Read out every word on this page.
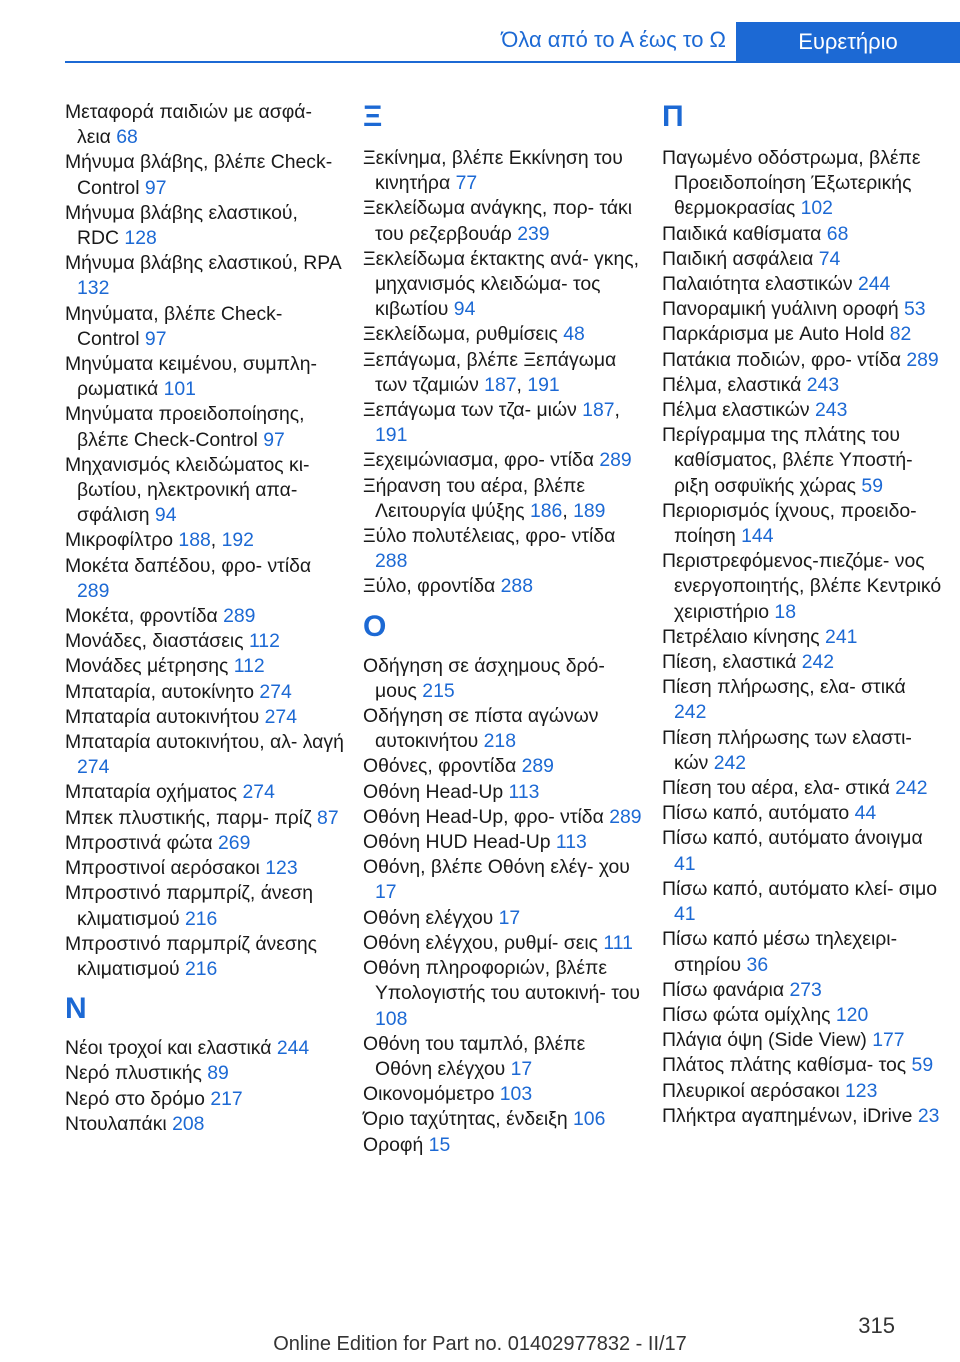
Όλα από το Α έως το Ω	Ευρετήριο
Μεταφορά παιδιών με ασφά‐ λεια 68
Μήνυμα βλάβης, βλέπε Check-Control 97
Μήνυμα βλάβης ελαστικού, RDC 128
Μήνυμα βλάβης ελαστικού, RPA 132
Μηνύματα, βλέπε Check- Control 97
Μηνύματα κειμένου, συμπλη‐ ρωματικά 101
Μηνύματα προειδοποίησης, βλέπε Check-Control 97
Μηχανισμός κλειδώματος κι‐ βωτίου, ηλεκτρονική απα‐ σφάλιση 94
Μικροφίλτρο 188, 192
Μοκέτα δαπέδου, φρο‐ ντίδα 289
Μοκέτα, φροντίδα 289
Μονάδες, διαστάσεις 112
Μονάδες μέτρησης 112
Μπαταρία, αυτοκίνητο 274
Μπαταρία αυτοκινήτου 274
Μπαταρία αυτοκινήτου, αλ‐ λαγή 274
Μπαταρία οχήματος 274
Μπεκ πλυστικής, παρμ‐ πρίζ 87
Μπροστινά φώτα 269
Μπροστινοί αερόσακοι 123
Μπροστινό παρμπρίζ, άνεση κλιματισμού 216
Μπροστινό παρμπρίζ άνεσης κλιματισμού 216
Ν
Νέοι τροχοί και ελαστικά 244
Νερό πλυστικής 89
Νερό στο δρόμο 217
Ντουλαπάκι 208
Ξ
Ξεκίνημα, βλέπε Εκκίνηση του κινητήρα 77
Ξεκλείδωμα ανάγκης, πορ‐ τάκι του ρεζερβουάρ 239
Ξεκλείδωμα έκτακτης ανά‐ γκης, μηχανισμός κλειδώμα‐ τος κιβωτίου 94
Ξεκλείδωμα, ρυθμίσεις 48
Ξεπάγωμα, βλέπε Ξεπάγωμα των τζαμιών 187, 191
Ξεπάγωμα των τζα‐ μιών 187, 191
Ξεχειμώνιασμα, φρο‐ ντίδα 289
Ξήρανση του αέρα, βλέπε Λειτουργία ψύξης 186, 189
Ξύλο πολυτέλειας, φρο‐ ντίδα 288
Ξύλο, φροντίδα 288
Ο
Οδήγηση σε άσχημους δρό‐ μους 215
Οδήγηση σε πίστα αγώνων αυτοκινήτου 218
Οθόνες, φροντίδα 289
Οθόνη Head-Up 113
Οθόνη Head-Up, φρο‐ ντίδα 289
Οθόνη HUD Head-Up 113
Οθόνη, βλέπε Οθόνη ελέγ‐ χου 17
Οθόνη ελέγχου 17
Οθόνη ελέγχου, ρυθμί‐ σεις 111
Οθόνη πληροφοριών, βλέπε Υπολογιστής του αυτοκινή‐ του 108
Οθόνη του ταμπλό, βλέπε Οθόνη ελέγχου 17
Οικονομόμετρο 103
Όριο ταχύτητας, ένδειξη 106
Οροφή 15
Π
Παγωμένο οδόστρωμα, βλέπε Προειδοποίηση Έξωτερικής θερμοκρασίας 102
Παιδικά καθίσματα 68
Παιδική ασφάλεια 74
Παλαιότητα ελαστικών 244
Πανοραμική γυάλινη οροφή 53
Παρκάρισμα με Auto Hold 82
Πατάκια ποδιών, φρο‐ ντίδα 289
Πέλμα, ελαστικά 243
Πέλμα ελαστικών 243
Περίγραμμα της πλάτης του καθίσματος, βλέπε Υποστή‐ ριξη οσφυϊκής χώρας 59
Περιορισμός ίχνους, προειδο‐ ποίηση 144
Περιστρεφόμενος-πιεζόμε‐ νος ενεργοποιητής, βλέπε Κεντρικό χειριστήριο 18
Πετρέλαιο κίνησης 241
Πίεση, ελαστικά 242
Πίεση πλήρωσης, ελα‐ στικά 242
Πίεση πλήρωσης των ελαστι‐ κών 242
Πίεση του αέρα, ελα‐ στικά 242
Πίσω καπό, αυτόματο 44
Πίσω καπό, αυτόματο άνοιγμα 41
Πίσω καπό, αυτόματο κλεί‐ σιμο 41
Πίσω καπό μέσω τηλεχειρι‐ στηρίου 36
Πίσω φανάρια 273
Πίσω φώτα ομίχλης 120
Πλάγια όψη (Side View) 177
Πλάτος πλάτης καθίσμα‐ τος 59
Πλευρικοί αερόσακοι 123
Πλήκτρα αγαπημένων, iDrive 23
315
Online Edition for Part no. 01402977832 - II/17
